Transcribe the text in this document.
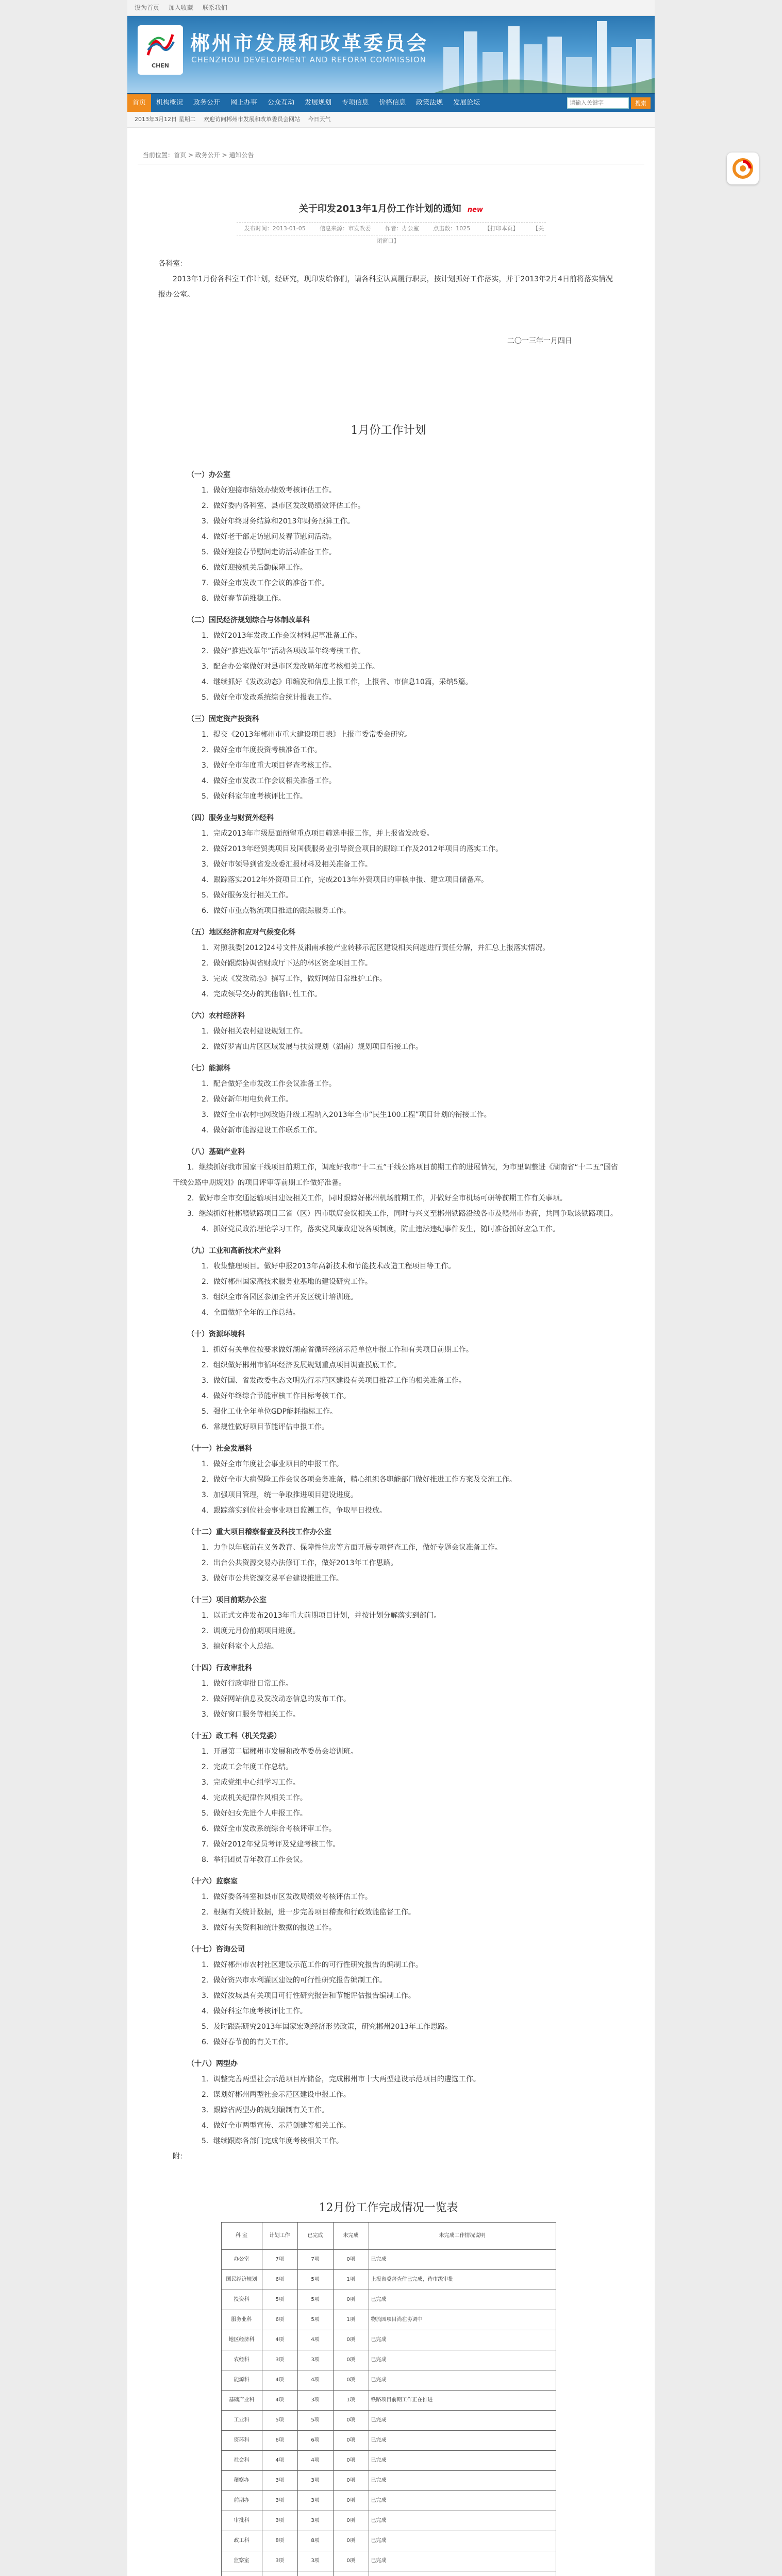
设为首页 加入收藏 联系我们
CHEN
郴州市发展和改革委员会
CHENZHOU DEVELOPMENT AND REFORM COMMISSION
首页	机构概况	政务公开	网上办事	公众互动	发展规划	专项信息	价格信息	政策法规	发展论坛
请输入关键字	搜索
2013年3月12日 星期二 欢迎访问郴州市发展和改革委员会网站 今日天气
当前位置：首页 > 政务公开 > 通知公告
关于印发2013年1月份工作计划的通知 new
发布时间：2013-01-05	信息来源：市发改委	作者：办公室	点击数：1025	【打印本页】	【关闭窗口】

各科室：

2013年1月份各科室工作计划，经研究，现印发给你们，请各科室认真履行职责，按计划抓好工作落实，并于2013年2月4日前将落实情况报办公室。

二〇一三年一月四日

1月份工作计划

（一）办公室

1．做好迎接市绩效办绩效考核评估工作。

2．做好委内各科室、县市区发改局绩效评估工作。

3．做好年终财务结算和2013年财务预算工作。

4．做好老干部走访慰问及春节慰问活动。

5．做好迎接春节慰问走访活动准备工作。

6．做好迎接机关后勤保障工作。

7．做好全市发改工作会议的准备工作。

8．做好春节前维稳工作。

（二）国民经济规划综合与体制改革科

1．做好2013年发改工作会议材料起草准备工作。

2．做好“推进改革年”活动各项改革年终考核工作。

3．配合办公室做好对县市区发改局年度考核相关工作。

4．继续抓好《发改动态》印编发和信息上报工作，上报省、市信息10篇，采纳5篇。

5．做好全市发改系统综合统计报表工作。

（三）固定资产投资科

1．提交《2013年郴州市重大建设项目表》上报市委常委会研究。

2．做好全市年度投资考核准备工作。

3．做好全市年度重大项目督查考核工作。

4．做好全市发改工作会议相关准备工作。

5．做好科室年度考核评比工作。

（四）服务业与财贸外经科

1．完成2013年市级层面预留重点项目筛选申报工作，并上报省发改委。

2．做好2013年经贸类项目及国债服务业引导资金项目的跟踪工作及2012年项目的落实工作。

3．做好市领导到省发改委汇报材料及相关准备工作。

4．跟踪落实2012年外资项目工作，完成2013年外资项目的审核申报、建立项目储备库。

5．做好服务发行相关工作。

6．做好市重点物流项目推进的跟踪服务工作。

（五）地区经济和应对气候变化科

1．对照我委[2012]24号文件及湘南承接产业转移示范区建设相关问题进行责任分解，并汇总上报落实情况。

2．做好跟踪协调省财政厅下达的林区资金项目工作。

3．完成《发改动态》撰写工作，做好网站日常维护工作。

4．完成领导交办的其他临时性工作。

（六）农村经济科

1．做好相关农村建设规划工作。

2．做好罗霄山片区区域发展与扶贫规划（湖南）规划项目衔接工作。

（七）能源科

1．配合做好全市发改工作会议准备工作。

2．做好新年用电负荷工作。

3．做好全市农村电网改造升级工程纳入2013年全市“民生100工程”项目计划的衔接工作。

4．做好新市能源建设工作联系工作。

（八）基础产业科

1．继续抓好我市国家干线项目前期工作，调度好我市“十二五”干线公路项目前期工作的进展情况，为市里调整进《湖南省“十二五”国省干线公路中期规划》的项目评审等前期工作做好准备。

2．做好市全市交通运输项目建设相关工作，同时跟踪好郴州机场前期工作，并做好全市机场可研等前期工作有关事项。

3．继续抓好桂郴赣铁路项目三省（区）四市联席会议相关工作，同时与兴义至郴州铁路沿线各市及赣州市协商，共同争取该铁路项目。

4．抓好党员政治理论学习工作，落实党风廉政建设各项制度，防止违法违纪事件发生，随时准备抓好应急工作。

（九）工业和高新技术产业科

1．收集整理项目。做好申报2013年高新技术和节能技术改造工程项目等工作。

2．做好郴州国家高技术服务业基地的建设研究工作。

3．组织全市各园区参加全省开发区统计培训班。

4．全面做好全年的工作总结。

（十）资源环境科

1．抓好有关单位按要求做好湖南省循环经济示范单位申报工作和有关项目前期工作。

2．组织做好郴州市循环经济发展规划重点项目调查摸底工作。

3．做好国、省发改委生态文明先行示范区建设有关项目推荐工作的相关准备工作。

4．做好年终综合节能审核工作目标考核工作。

5．强化工业全年单位GDP能耗指标工作。

6．常规性做好项目节能评估申报工作。

（十一）社会发展科

1．做好全市年度社会事业项目的申报工作。

2．做好全市大病保险工作会议各项会务准备，精心组织各职能部门做好推进工作方案及交流工作。

3．加强项目管理，统一争取推进项目建设进度。

4．跟踪落实到位社会事业项目监测工作，争取早日投放。

（十二）重大项目稽察督查及科技工作办公室

1．力争以年底前在义务教育、保障性住房等方面开展专项督查工作，做好专题会议准备工作。

2．出台公共资源交易办法修订工作，做好2013年工作思路。

3．做好市公共资源交易平台建设推进工作。

（十三）项目前期办公室

1．以正式文件发布2013年重大前期项目计划，并按计划分解落实到部门。

2．调度元月份前期项目进度。

3．搞好科室个人总结。

（十四）行政审批科

1．做好行政审批日常工作。

2．做好网站信息及发改动态信息的发布工作。

3．做好窗口服务等相关工作。

（十五）政工科（机关党委）

1．开展第二届郴州市发展和改革委员会培训班。

2．完成工会年度工作总结。

3．完成党组中心组学习工作。

4．完成机关纪律作风相关工作。

5．做好妇女先进个人申报工作。

6．做好全市发改系统综合考核评审工作。

7．做好2012年党员考评及党建考核工作。

8．举行团员青年教育工作会议。

（十六）监察室

1．做好委各科室和县市区发改局绩效考核评估工作。

2．根据有关统计数据，进一步完善项目稽查和行政效能监督工作。

3．做好有关资料和统计数据的报送工作。

（十七）咨询公司

1．做好郴州市农村社区建设示范工作的可行性研究报告的编制工作。

2．做好资兴市水利灌区建设的可行性研究报告编制工作。

3．做好汝城县有关项目可行性研究报告和节能评估报告编制工作。

4．做好科室年度考核评比工作。

5．及时跟踪研究2013年国家宏观经济形势政策，研究郴州2013年工作思路。

6．做好春节前的有关工作。

（十八）两型办

1．调整完善两型社会示范项目库储备，完成郴州市十大两型建设示范项目的遴选工作。

2．谋划好郴州两型社会示范区建设申报工作。

3．跟踪省两型办的规划编制有关工作。

4．做好全市两型宣传、示范创建等相关工作。

5．继续跟踪各部门完成年度考核相关工作。

附：

12月份工作完成情况一览表
科 室	计划工作	已完成	未完成	未完成工作情况说明
办公室	7项	7项	0项	已完成
国民经济规划	6项	5项	1项	上报省委督查件已完成，待市级审批
投资科	5项	5项	0项	已完成
服务业科	6项	5项	1项	物流园项目尚在协调中
地区经济科	4项	4项	0项	已完成
农经科	3项	3项	0项	已完成
能源科	4项	4项	0项	已完成
基础产业科	4项	3项	1项	铁路项目前期工作正在推进
工业科	5项	5项	0项	已完成
资环科	6项	6项	0项	已完成
社会科	4项	4项	0项	已完成
稽察办	3项	3项	0项	已完成
前期办	3项	3项	0项	已完成
审批科	3项	3项	0项	已完成
政工科	8项	8项	0项	已完成
监察室	3项	3项	0项	已完成
